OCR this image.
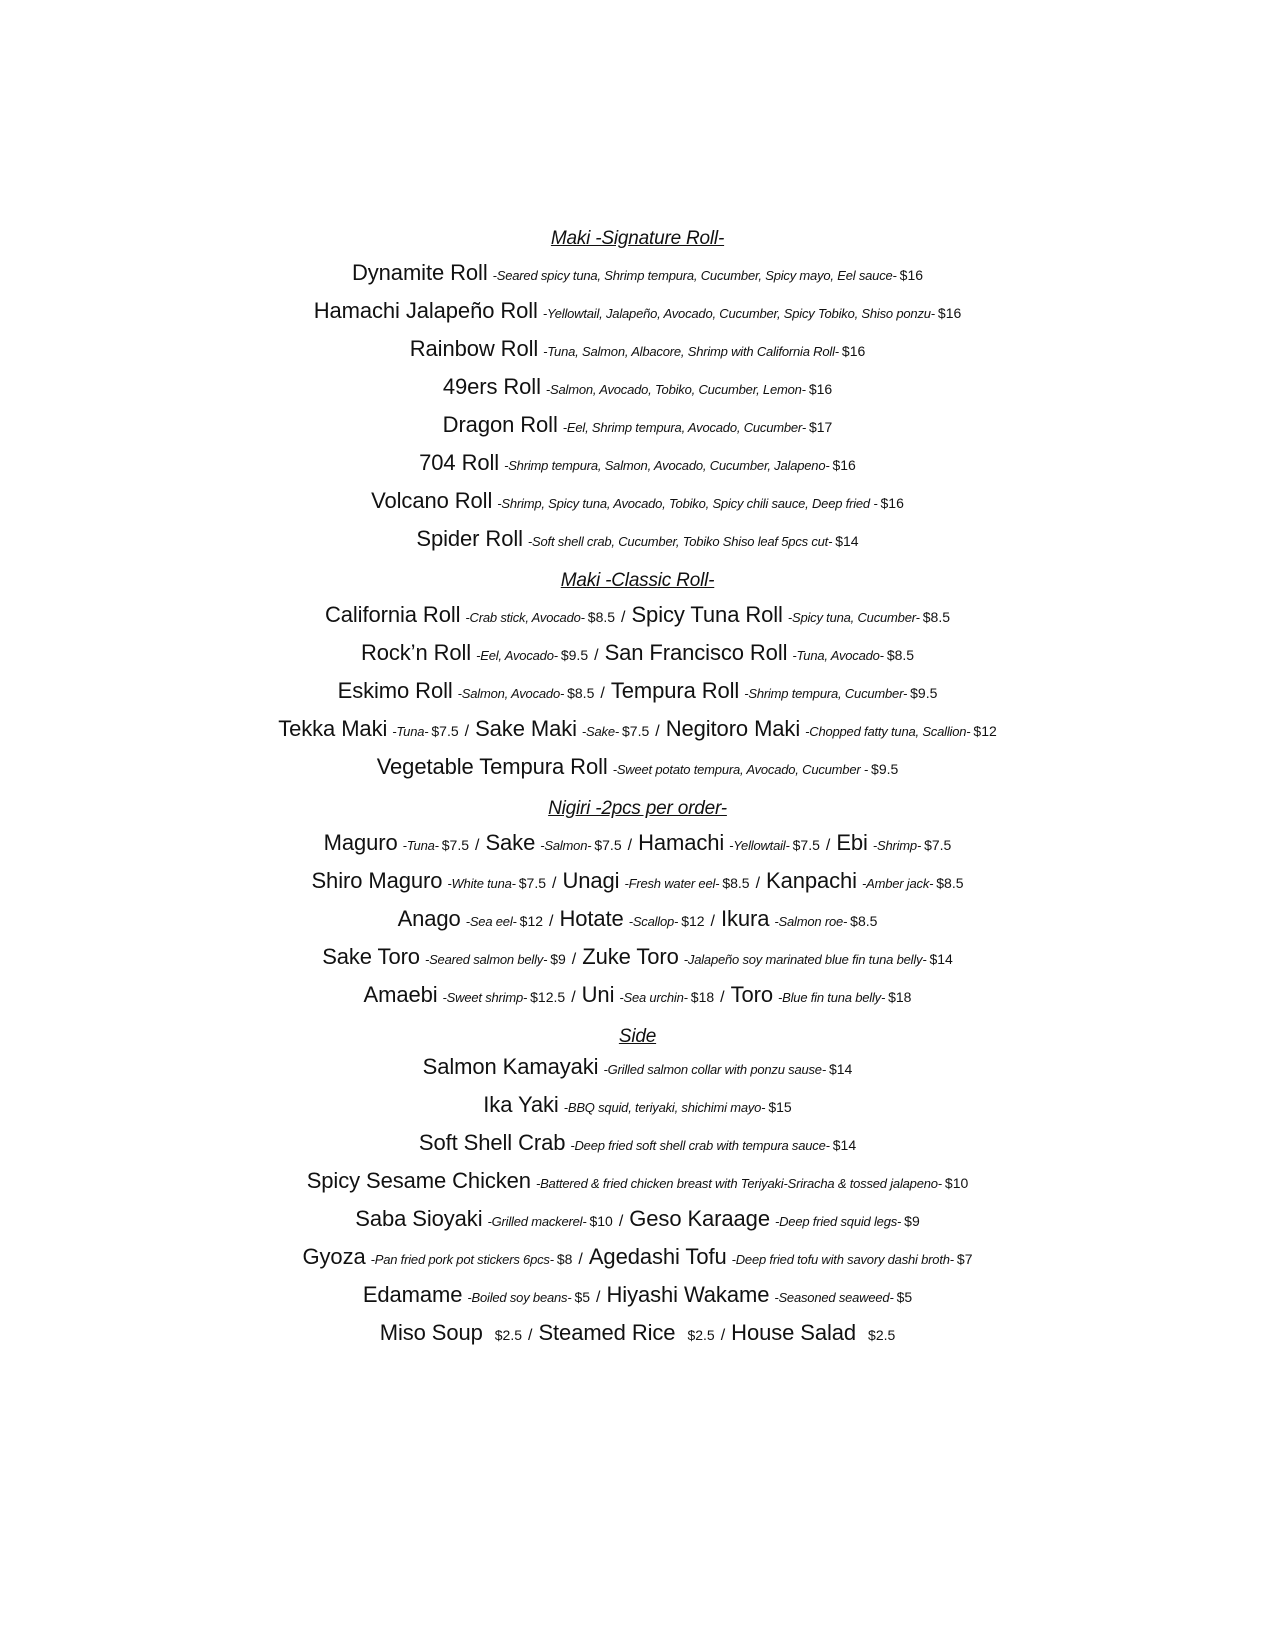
Maki -Signature Roll-
Dynamite Roll -Seared spicy tuna, Shrimp tempura, Cucumber, Spicy mayo, Eel sauce- $16
Hamachi Jalapeño Roll -Yellowtail, Jalapeño, Avocado, Cucumber, Spicy Tobiko, Shiso ponzu- $16
Rainbow Roll -Tuna, Salmon, Albacore, Shrimp with California Roll- $16
49ers Roll -Salmon, Avocado, Tobiko, Cucumber, Lemon- $16
Dragon Roll -Eel, Shrimp tempura, Avocado, Cucumber- $17
704 Roll -Shrimp tempura, Salmon, Avocado, Cucumber, Jalapeno- $16
Volcano Roll -Shrimp, Spicy tuna, Avocado, Tobiko, Spicy chili sauce, Deep fried - $16
Spider Roll -Soft shell crab, Cucumber, Tobiko Shiso leaf 5pcs cut- $14
Maki -Classic Roll-
California Roll -Crab stick, Avocado- $8.5 / Spicy Tuna Roll -Spicy tuna, Cucumber- $8.5
Rock’n Roll -Eel, Avocado- $9.5 / San Francisco Roll -Tuna, Avocado- $8.5
Eskimo Roll -Salmon, Avocado- $8.5 / Tempura Roll -Shrimp tempura, Cucumber- $9.5
Tekka Maki -Tuna- $7.5 / Sake Maki -Sake- $7.5 / Negitoro Maki -Chopped fatty tuna, Scallion- $12
Vegetable Tempura Roll -Sweet potato tempura, Avocado, Cucumber - $9.5
Nigiri -2pcs per order-
Maguro -Tuna- $7.5 / Sake -Salmon- $7.5 / Hamachi -Yellowtail- $7.5 / Ebi -Shrimp- $7.5
Shiro Maguro -White tuna- $7.5 / Unagi -Fresh water eel- $8.5 / Kanpachi -Amber jack- $8.5
Anago -Sea eel- $12 / Hotate -Scallop- $12 / Ikura -Salmon roe- $8.5
Sake Toro -Seared salmon belly- $9 / Zuke Toro -Jalapeño soy marinated blue fin tuna belly- $14
Amaebi -Sweet shrimp- $12.5 / Uni -Sea urchin- $18 / Toro -Blue fin tuna belly- $18
Side
Salmon Kamayaki -Grilled salmon collar with ponzu sause- $14
Ika Yaki -BBQ squid, teriyaki, shichimi mayo- $15
Soft Shell Crab -Deep fried soft shell crab with tempura sauce- $14
Spicy Sesame Chicken -Battered & fried chicken breast with Teriyaki-Sriracha & tossed jalapeno- $10
Saba Sioyaki -Grilled mackerel- $10 / Geso Karaage -Deep fried squid legs- $9
Gyoza -Pan fried pork pot stickers 6pcs- $8 / Agedashi Tofu -Deep fried tofu with savory dashi broth- $7
Edamame -Boiled soy beans- $5 / Hiyashi Wakame -Seasoned seaweed- $5
Miso Soup $2.5 / Steamed Rice $2.5 / House Salad $2.5
